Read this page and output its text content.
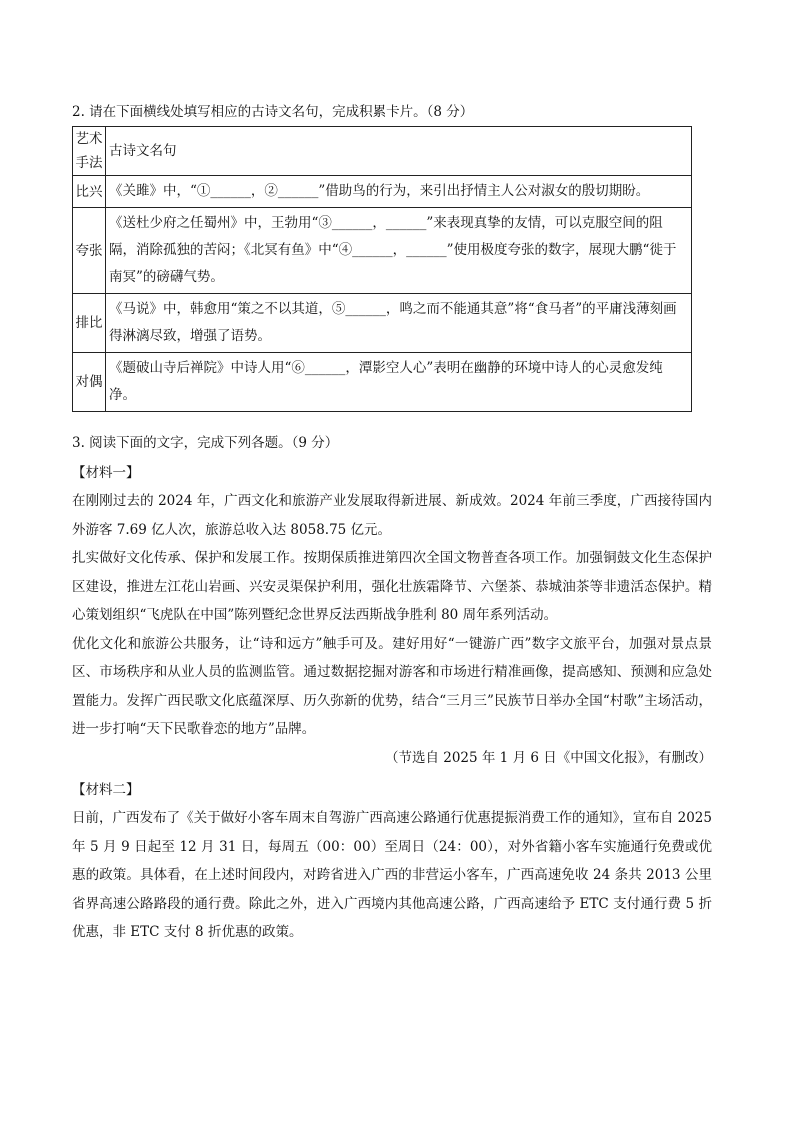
2. 请在下面横线处填写相应的古诗文名句，完成积累卡片。（8 分）
艺术手法	古诗文名句
比兴	《关雎》中，“①______，②______”借助鸟的行为，来引出抒情主人公对淑女的殷切期盼。
夸张	《送杜少府之任蜀州》中，王勃用“③______，______”来表现真挚的友情，可以克服空间的阻隔，消除孤独的苦闷；《北冥有鱼》中“④______，______”使用极度夸张的数字，展现大鹏“徙于南冥”的磅礴气势。
排比	《马说》中，韩愈用“策之不以其道，⑤______，鸣之而不能通其意”将“食马者”的平庸浅薄刻画得淋漓尽致，增强了语势。
对偶	《题破山寺后禅院》中诗人用“⑥______，潭影空人心”表明在幽静的环境中诗人的心灵愈发纯净。
3. 阅读下面的文字，完成下列各题。（9 分）
【材料一】

在刚刚过去的 2024 年，广西文化和旅游产业发展取得新进展、新成效。2024 年前三季度，广西接待国内外游客 7.69 亿人次，旅游总收入达 8058.75 亿元。

扎实做好文化传承、保护和发展工作。按期保质推进第四次全国文物普查各项工作。加强铜鼓文化生态保护区建设，推进左江花山岩画、兴安灵渠保护利用，强化壮族霜降节、六堡茶、恭城油茶等非遗活态保护。精心策划组织“飞虎队在中国”陈列暨纪念世界反法西斯战争胜利 80 周年系列活动。

优化文化和旅游公共服务，让“诗和远方”触手可及。建好用好“一键游广西”数字文旅平台，加强对景点景区、市场秩序和从业人员的监测监管。通过数据挖掘对游客和市场进行精准画像，提高感知、预测和应急处置能力。发挥广西民歌文化底蕴深厚、历久弥新的优势，结合“三月三”民族节日举办全国“村歌”主场活动，进一步打响“天下民歌眷恋的地方”品牌。

（节选自 2025 年 1 月 6 日《中国文化报》，有删改）

【材料二】

日前，广西发布了《关于做好小客车周末自驾游广西高速公路通行优惠提振消费工作的通知》，宣布自 2025 年 5 月 9 日起至 12 月 31 日，每周五（00：00）至周日（24：00），对外省籍小客车实施通行免费或优惠的政策。具体看，在上述时间段内，对跨省进入广西的非营运小客车，广西高速免收 24 条共 2013 公里省界高速公路路段的通行费。除此之外，进入广西境内其他高速公路，广西高速给予 ETC 支付通行费 5 折优惠，非 ETC 支付 8 折优惠的政策。
